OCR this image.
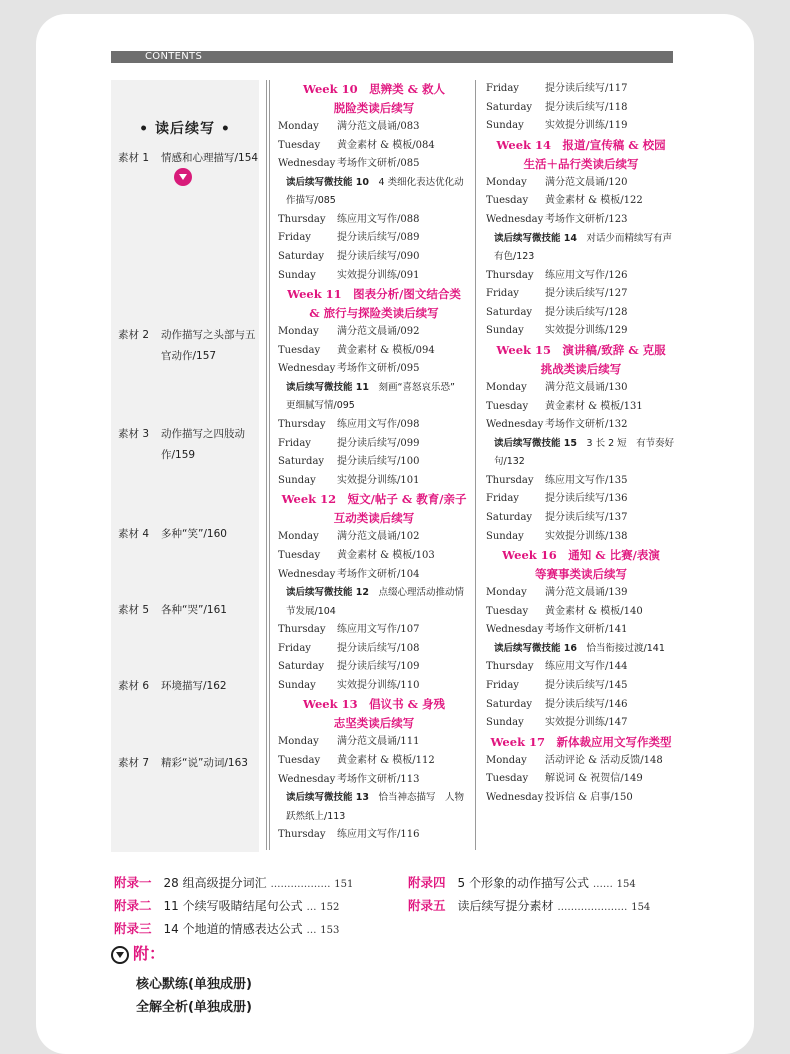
CONTENTS
• 读后续写 •
素材 1 情感和心理描写/154
素材 2 动作描写之头部与五官动作/157
素材 3 动作描写之四肢动作/159
素材 4 多种“笑”/160
素材 5 各种“哭”/161
素材 6 环境描写/162
素材 7 精彩“说”动词/163
Week 10　思辨类 & 救人
脱险类读后续写
Monday 满分范文晨诵/083
Tuesday 黄金素材 & 模板/084
Wednesday 考场作文研析/085
读后续写微技能 10　4 类细化表达优化动作描写/085
Thursday 练应用文写作/088
Friday	提分读后续写/089
Saturday 提分读后续写/090
Sunday 实效提分训练/091
Week 11　图表分析/图文结合类
& 旅行与探险类读后续写
Monday 满分范文晨诵/092
Tuesday 黄金素材 & 模板/094
Wednesday 考场作文研析/095
读后续写微技能 11　刻画“喜怒哀乐恐”　更细腻写情/095
Thursday 练应用文写作/098
Friday	提分读后续写/099
Saturday 提分读后续写/100
Sunday 实效提分训练/101
Week 12　短文/帖子 & 教育/亲子
互动类读后续写
Monday 满分范文晨诵/102
Tuesday 黄金素材 & 模板/103
Wednesday 考场作文研析/104
读后续写微技能 12　点缀心理活动推动情节发展/104
Thursday 练应用文写作/107
Friday	提分读后续写/108
Saturday 提分读后续写/109
Sunday 实效提分训练/110
Week 13　倡议书 & 身残
志坚类读后续写
Monday 满分范文晨诵/111
Tuesday 黄金素材 & 模板/112
Wednesday 考场作文研析/113
读后续写微技能 13　恰当神态描写　人物跃然纸上/113
Thursday 练应用文写作/116
Friday	提分读后续写/117
Saturday 提分读后续写/118
Sunday 实效提分训练/119
Week 14　报道/宣传稿 & 校园
生活＋品行类读后续写
Monday 满分范文晨诵/120
Tuesday 黄金素材 & 模板/122
Wednesday 考场作文研析/123
读后续写微技能 14　对话少而精续写有声有色/123
Thursday 练应用文写作/126
Friday	提分读后续写/127
Saturday 提分读后续写/128
Sunday 实效提分训练/129
Week 15　演讲稿/致辞 & 克服
挑战类读后续写
Monday 满分范文晨诵/130
Tuesday 黄金素材 & 模板/131
Wednesday 考场作文研析/132
读后续写微技能 15　3 长 2 短　有节奏好句/132
Thursday 练应用文写作/135
Friday	提分读后续写/136
Saturday 提分读后续写/137
Sunday 实效提分训练/138
Week 16　通知 & 比赛/表演
等赛事类读后续写
Monday 满分范文晨诵/139
Tuesday 黄金素材 & 模板/140
Wednesday 考场作文研析/141
读后续写微技能 16　恰当衔接过渡/141
Thursday 练应用文写作/144
Friday	提分读后续写/145
Saturday 提分读后续写/146
Sunday 实效提分训练/147
Week 17　新体裁应用文写作类型
Monday 活动评论 & 活动反馈/148
Tuesday 解说词 & 祝贺信/149
Wednesday 投诉信 & 启事/150
附录一　 28 组高级提分词汇 ……………… 151
附录二　 11 个续写吸睛结尾句公式 … 152
附录三　 14 个地道的情感表达公式 … 153
附录四　 5 个形象的动作描写公式 …… 154
附录五　 读后续写提分素材 ………………… 154
附：
核心默练(单独成册)
全解全析(单独成册)
